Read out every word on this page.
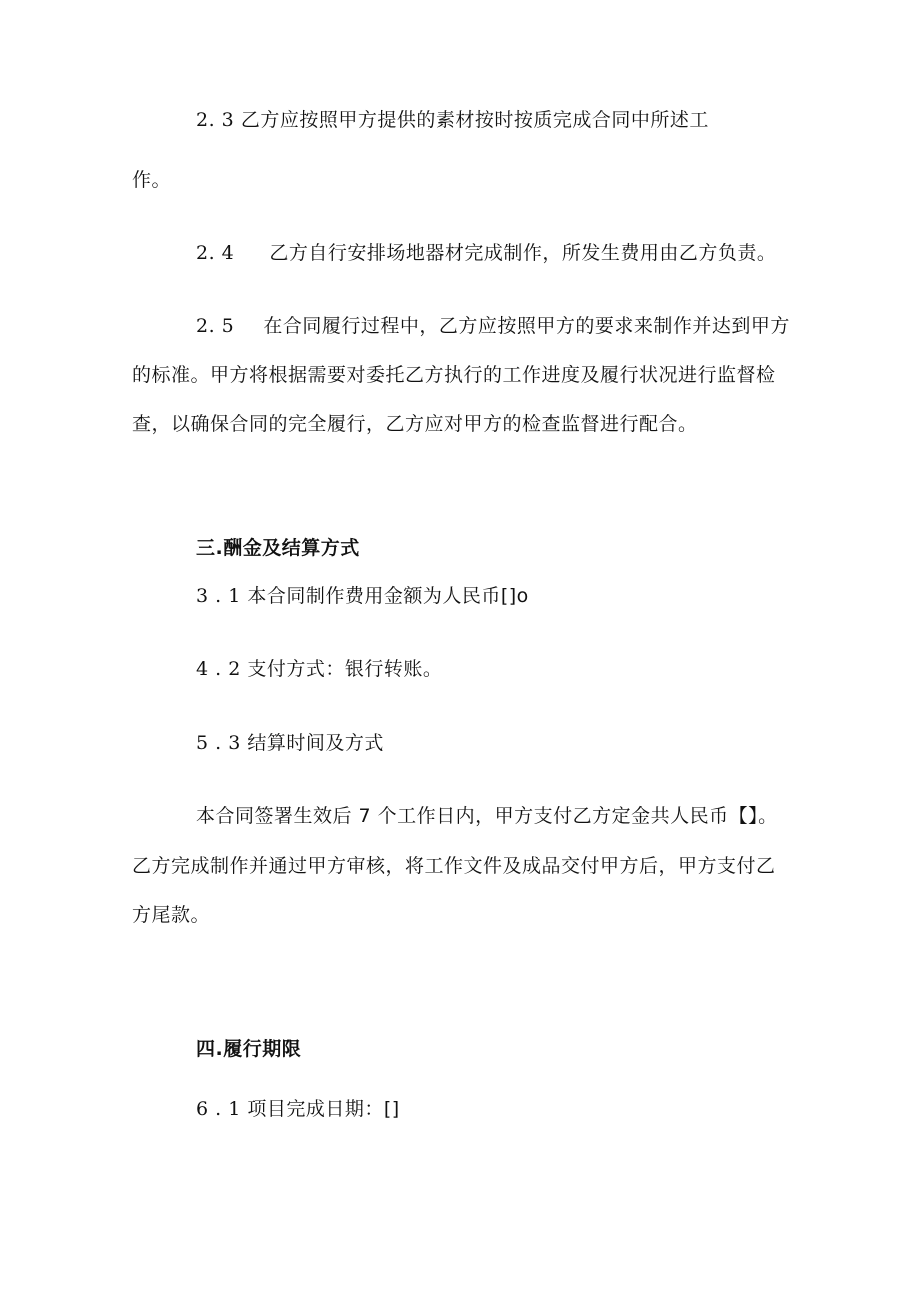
2. 3 乙方应按照甲方提供的素材按时按质完成合同中所述工
作。
2. 4 乙方自行安排场地器材完成制作，所发生费用由乙方负责。
2. 5 在合同履行过程中，乙方应按照甲方的要求来制作并达到甲方
的标准。甲方将根据需要对委托乙方执行的工作进度及履行状况进行监督检
查，以确保合同的完全履行，乙方应对甲方的检查监督进行配合。
三.酬金及结算方式
3 . 1 本合同制作费用金额为人民币[]o
4 . 2 支付方式：银行转账。
5 . 3 结算时间及方式
本合同签署生效后 7 个工作日内，甲方支付乙方定金共人民币【】。
乙方完成制作并通过甲方审核，将工作文件及成品交付甲方后，甲方支付乙
方尾款。
四.履行期限
6 . 1 项目完成日期：[]
